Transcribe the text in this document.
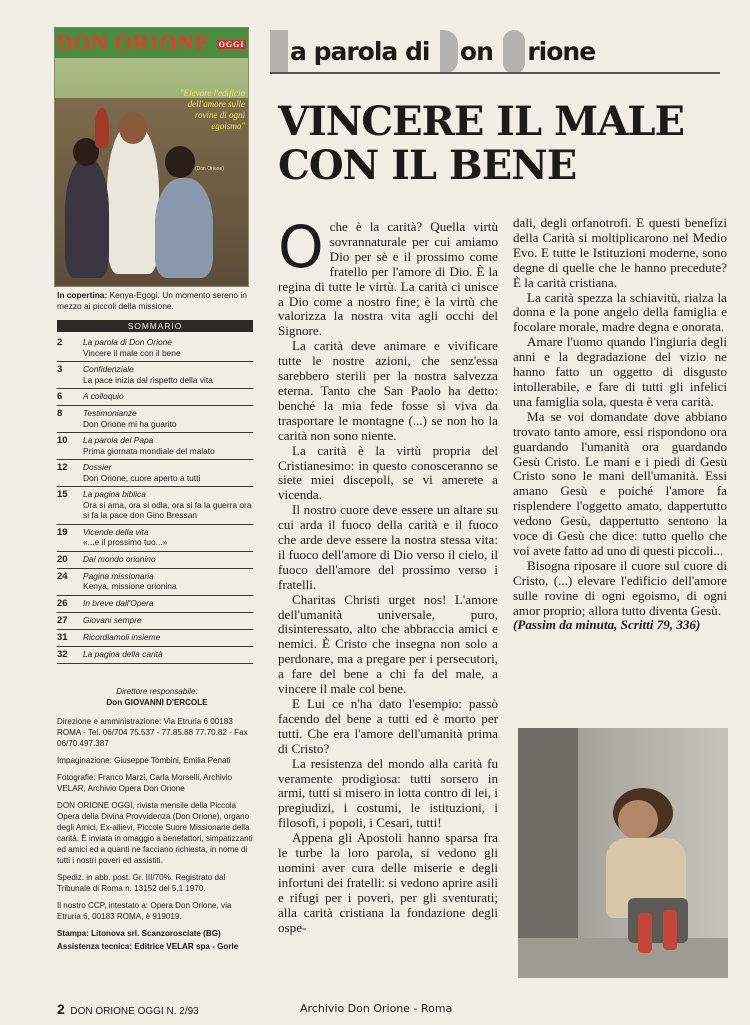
DON ORIONE OGGI
"Elevare l'edificio dell'amore sulle rovine di ogni egoismo"
(Don Orione)
In copertina: Kenya-Egogi. Un momento sereno in mezzo ai piccoli della missione.
SOMMARIO
2	La parola di Don Orione
Vincere il male con il bene
3	Confidenziale
La pace inizia dal rispetto della vita
6	A colloquio
8	Testimonianze
Don Orione mi ha guarito
10	La parola del Papa
Prima giornata mondiale del malato
12	Dossier
Don Orione, cuore aperto a tutti
15	La pagina biblica
Ora si ama, ora si odia, ora si fa la guerra ora si fa la pace don Gino Bressan
19	Vicende della vita
«...e il prossimo tuo...»
20	Dal mondo orionino
24	Pagina missionaria
Kenya, missione orionina
26	In breve dall'Opera
27	Giovani sempre
31	Ricordiamoli insieme
32	La pagina della carità

Direttore responsabile:
Don GIOVANNI D'ERCOLE

Direzione e amministrazione: Via Etruria 6 00183 ROMA - Tel. 06/704 75.537 - 77.85.88 77.70.82 - Fax 06/70.497.387

Impaginazione: Giuseppe Tombini, Emilia Penati

Fotografie: Franco Marzi, Carla Morselli, Archivio VELAR, Archivio Opera Don Orione

DON ORIONE OGGI, rivista mensile della Piccola Opera della Divina Provvidenza (Don Orione), organo degli Amici, Ex-allievi, Piccole Suore Missionarie della carità. È inviata in omaggio a benefattori, simpatizzanti ed amici ed a quanti ne facciano richiesta, in nome di tutti i nostri poveri ed assistiti.

Spediz. in abb. post. Gr. III/70%. Registrato dal Tribunale di Roma n. 13152 del 5.1 1970.

Il nostro CCP, intestato a: Opera Don Orione, via Etruria 6, 00183 ROMA, è 919019.

Stampa: Litonova srl. Scanzorosciate (BG)

Assistenza tecnica: Editrice VELAR spa - Gorle

a parola di on rione
VINCERE IL MALE CON IL BENE

Oche è la carità? Quella virtù sovrannaturale per cui amiamo Dio per sè e il prossimo come fratello per l'amore di Dio. È la regina di tutte le virtù. La carità ci unisce a Dio come a nostro fine; è la virtù che valorizza la nostra vita agli occhi del Signore.

La carità deve animare e vivificare tutte le nostre azioni, che senz'essa sarebbero sterili per la nostra salvezza eterna. Tanto che San Paolo ha detto: benché la mia fede fosse sì viva da trasportare le montagne (...) se non ho la carità non sono niente.

La carità è la virtù propria del Cristianesimo: in questo conosceranno se siete miei discepoli, se vi amerete a vicenda.

Il nostro cuore deve essere un altare su cui arda il fuoco della carità e il fuoco che arde deve essere la nostra stessa vita: il fuoco dell'amore di Dio verso il cielo, il fuoco dell'amore del prossimo verso i fratelli.

Charitas Christi urget nos! L'amore dell'umanità universale, puro, disinteressato, alto che abbraccia amici e nemici. È Cristo che insegna non solo a perdonare, ma a pregare per i persecutori, a fare del bene a chi fa del male, a vincere il male col bene.

E Lui ce n'ha dato l'esempio: passò facendo del bene a tutti ed è morto per tutti. Che era l'amore dell'umanità prima di Cristo?

La resistenza del mondo alla carità fu veramente prodigiosa: tutti sorsero in armi, tutti si misero in lotta contro di lei, i pregiudizi, i costumi, le istituzioni, i filosofi, i popoli, i Cesari, tutti!

Appena gli Apostoli hanno sparsa fra le turbe la loro parola, si vedono gli uomini aver cura delle miserie e degli infortuni dei fratelli: si vedono aprire asili e rifugi per i poveri, per gli sventurati; alla carità cristiana la fondazione degli ospe-

dali, degli orfanotrofi. E questi benefizi della Carità si moltiplicarono nel Medio Evo. E tutte le Istituzioni moderne, sono degne di quelle che le hanno precedute? È la carità cristiana.

La carità spezza la schiavitù, rialza la donna e la pone angelo della famiglia e focolare morale, madre degna e onorata.

Amare l'uomo quando l'ingiuria degli anni e la degradazione del vizio ne hanno fatto un oggetto di disgusto intollerabile, e fare di tutti gli infelici una famiglia sola, questa è vera carità.

Ma se voi domandate dove abbiano trovato tanto amore, essi rispondono ora guardando l'umanità ora guardando Gesù Cristo. Le mani e i piedi di Gesù Cristo sono le mani dell'umanità. Essi amano Gesù e poiché l'amore fa risplendere l'oggetto amato, dappertutto vedono Gesù, dappertutto sentono la voce di Gesù che dice: tutto quello che voi avete fatto ad uno di questi piccoli...

Bisogna riposare il cuore sul cuore di Cristo, (...) elevare l'edificio dell'amore sulle rovine di ogni egoismo, di ogni amor proprio; allora tutto diventa Gesù.

(Passim da minuta, Scritti 79, 336)

2 DON ORIONE OGGI N. 2/93	Archivio Don Orione - Roma
